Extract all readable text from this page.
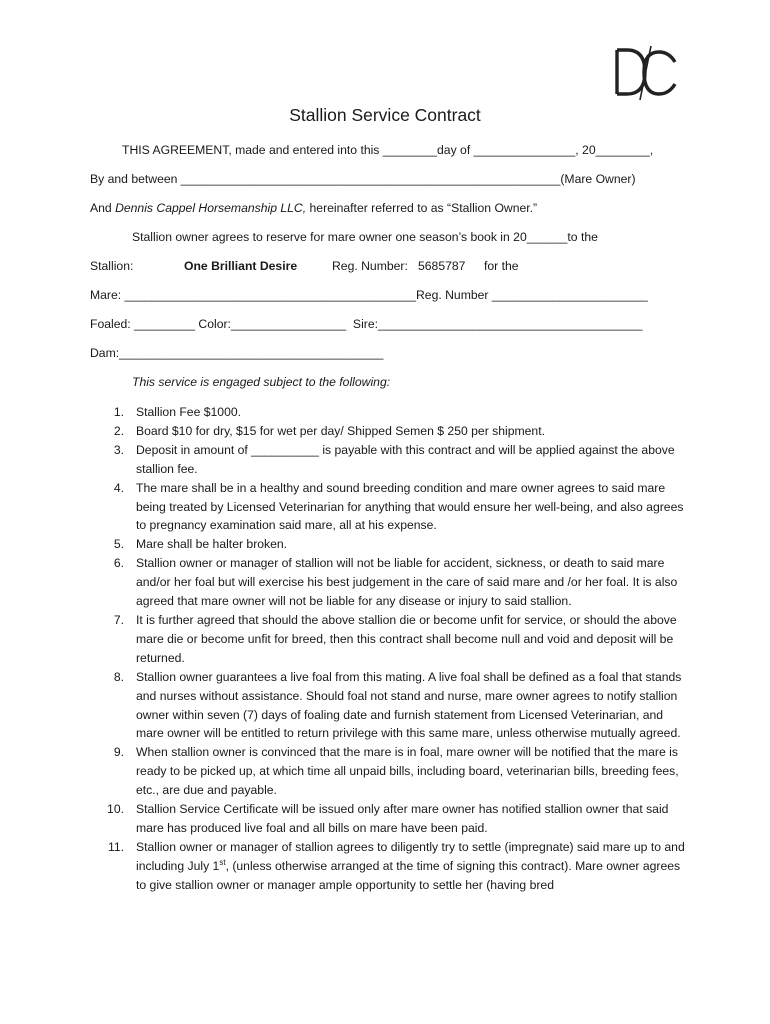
Stallion Service Contract
THIS AGREEMENT, made and entered into this ________day of _______________, 20________,
By and between ________________________________________________________(Mare Owner)
And Dennis Cappel Horsemanship LLC, hereinafter referred to as “Stallion Owner.”
Stallion owner agrees to reserve for mare owner one season’s book in 20______to the
Stallion:	One Brilliant Desire	Reg. Number: 5685787 for the
Mare: ___________________________________________Reg. Number _______________________
Foaled: _________ Color:_________________  Sire:_______________________________________
Dam:_______________________________________
This service is engaged subject to the following:
1. Stallion Fee $1000.
2. Board $10 for dry, $15 for wet per day/ Shipped Semen $ 250 per shipment.
3. Deposit in amount of __________ is payable with this contract and will be applied against the above stallion fee.
4. The mare shall be in a healthy and sound breeding condition and mare owner agrees to said mare being treated by Licensed Veterinarian for anything that would ensure her well-being, and also agrees to pregnancy examination said mare, all at his expense.
5. Mare shall be halter broken.
6. Stallion owner or manager of stallion will not be liable for accident, sickness, or death to said mare and/or her foal but will exercise his best judgement in the care of said mare and /or her foal. It is also agreed that mare owner will not be liable for any disease or injury to said stallion.
7. It is further agreed that should the above stallion die or become unfit for service, or should the above mare die or become unfit for breed, then this contract shall become null and void and deposit will be returned.
8. Stallion owner guarantees a live foal from this mating. A live foal shall be defined as a foal that stands and nurses without assistance. Should foal not stand and nurse, mare owner agrees to notify stallion owner within seven (7) days of foaling date and furnish statement from Licensed Veterinarian, and mare owner will be entitled to return privilege with this same mare, unless otherwise mutually agreed.
9. When stallion owner is convinced that the mare is in foal, mare owner will be notified that the mare is ready to be picked up, at which time all unpaid bills, including board, veterinarian bills, breeding fees, etc., are due and payable.
10. Stallion Service Certificate will be issued only after mare owner has notified stallion owner that said mare has produced live foal and all bills on mare have been paid.
11. Stallion owner or manager of stallion agrees to diligently try to settle (impregnate) said mare up to and including July 1st, (unless otherwise arranged at the time of signing this contract). Mare owner agrees to give stallion owner or manager ample opportunity to settle her (having bred
